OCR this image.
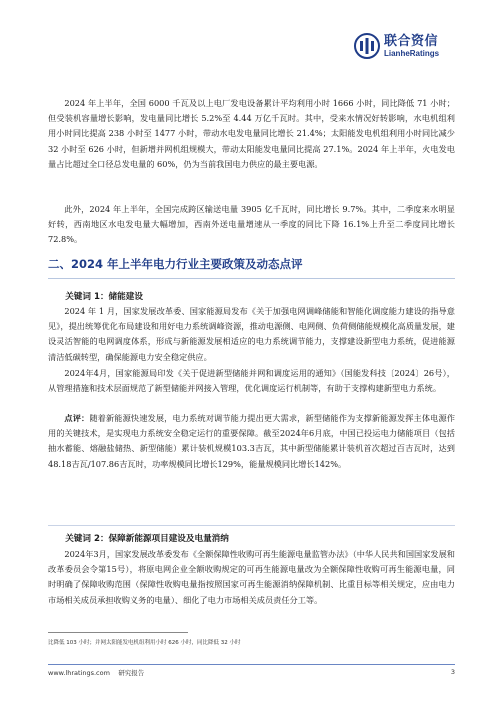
联合资信
LianheRatings

2024 年上半年，全国 6000 千瓦及以上电厂发电设备累计平均利用小时 1666 小时，同比降低 71 小时；但受装机容量增长影响，发电量同比增长 5.2%至 4.44 万亿千瓦时。其中，受来水情况好转影响，水电机组利用小时同比提高 238 小时至 1477 小时，带动水电发电量同比增长 21.4%；太阳能发电机组利用小时同比减少 32 小时至 626 小时，但新增并网机组规模大，带动太阳能发电量同比提高 27.1%。2024 年上半年，火电发电量占比超过全口径总发电量的 60%，仍为当前我国电力供应的最主要电源。

此外，2024 年上半年，全国完成跨区输送电量 3905 亿千瓦时，同比增长 9.7%。其中，二季度来水明显好转，西南地区水电发电量大幅增加，西南外送电量增速从一季度的同比下降 16.1%上升至二季度同比增长 72.8%。

二、2024 年上半年电力行业主要政策及动态点评
关键词 1：储能建设

2024 年 1 月，国家发展改革委、国家能源局发布《关于加强电网调峰储能和智能化调度能力建设的指导意见》，提出统筹优化布局建设和用好电力系统调峰资源，推动电源侧、电网侧、负荷侧储能规模化高质量发展，建设灵活智能的电网调度体系，形成与新能源发展相适应的电力系统调节能力，支撑建设新型电力系统，促进能源清洁低碳转型，确保能源电力安全稳定供应。

2024年4月，国家能源局印发《关于促进新型储能并网和调度运用的通知》（国能发科技〔2024〕26号），从管理措施和技术层面规范了新型储能并网接入管理，优化调度运行机制等，有助于支撑构建新型电力系统。

点评：随着新能源快速发展，电力系统对调节能力提出更大需求，新型储能作为支撑新能源发挥主体电源作用的关键技术，是实现电力系统安全稳定运行的重要保障。截至2024年6月底，中国已投运电力储能项目（包括抽水蓄能、熔融盐储热、新型储能）累计装机规模103.3吉瓦，其中新型储能累计装机首次超过百吉瓦时，达到48.18吉瓦/107.86吉瓦时，功率规模同比增长129%，能量规模同比增长142%。

关键词 2：保障新能源项目建设及电量消纳

2024年3月，国家发展改革委发布《全额保障性收购可再生能源电量监管办法》（中华人民共和国国家发展和改革委员会令第15号），将原电网企业全额收购规定的可再生能源电量改为全额保障性收购可再生能源电量，同时明确了保障收购范围（保障性收购电量指按照国家可再生能源消纳保障机制、比重目标等相关规定，应由电力市场相关成员承担收购义务的电量）、细化了电力市场相关成员责任分工等。

比降低 103 小时；并网太阳能发电机组利用小时 626 小时，同比降低 32 小时
www.lhratings.com 研究报告	3
